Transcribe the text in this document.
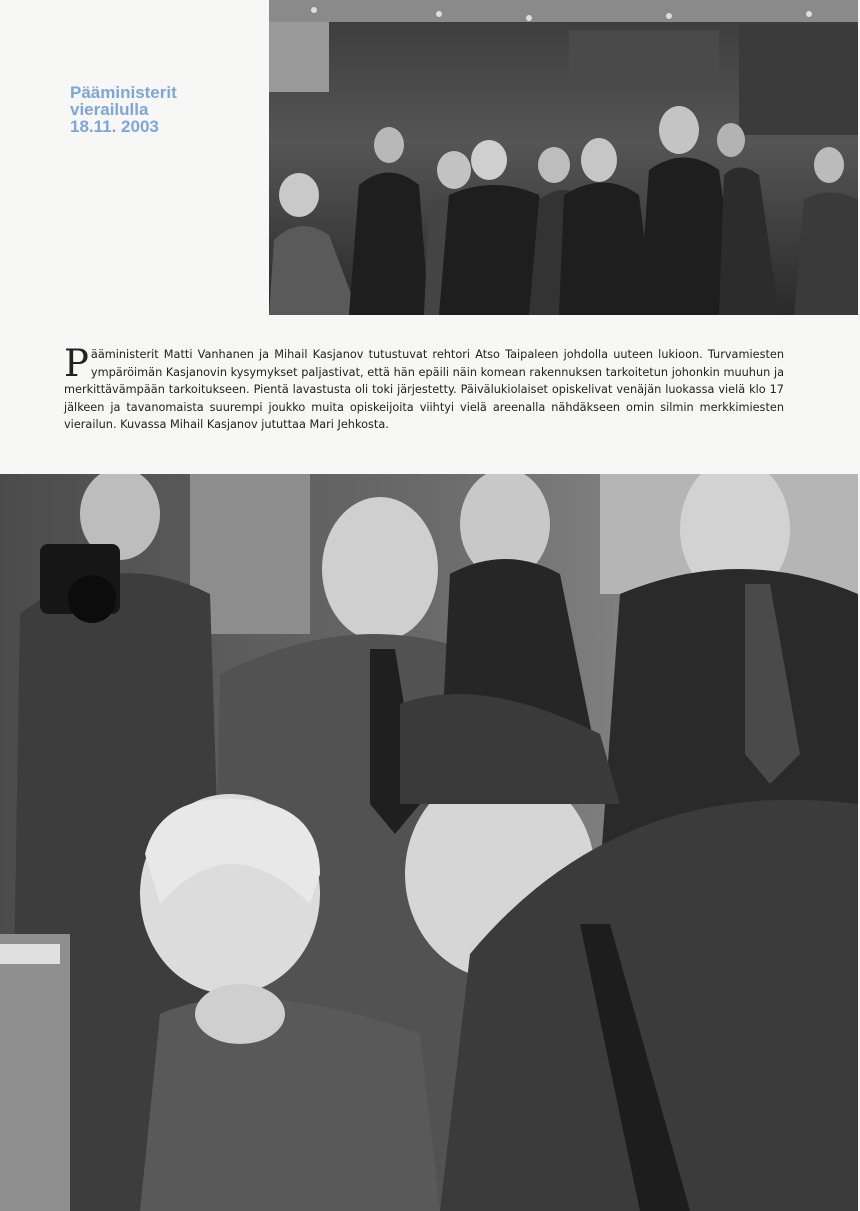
Pääministerit
vierailulla
18.11. 2003
P ääministerit Matti Vanhanen ja Mihail Kasjanov tutustuvat rehtori Atso Taipaleen johdolla uuteen lukioon. Turvamiesten ympäröimän Kasjanovin kysymykset paljastivat, että hän epäili näin komean rakennuksen tarkoitetun johonkin muuhun ja merkittävämpään tarkoitukseen. Pientä lavastusta oli toki järjestetty. Päivälukiolaiset opiskelivat venäjän luokassa vielä klo 17 jälkeen ja tavanomaista suurempi joukko muita opiskeijoita viihtyi vielä areenalla nähdäkseen omin silmin merkkimiesten vierailun. Kuvassa Mihail Kasjanov jututtaa Mari Jehkosta.
